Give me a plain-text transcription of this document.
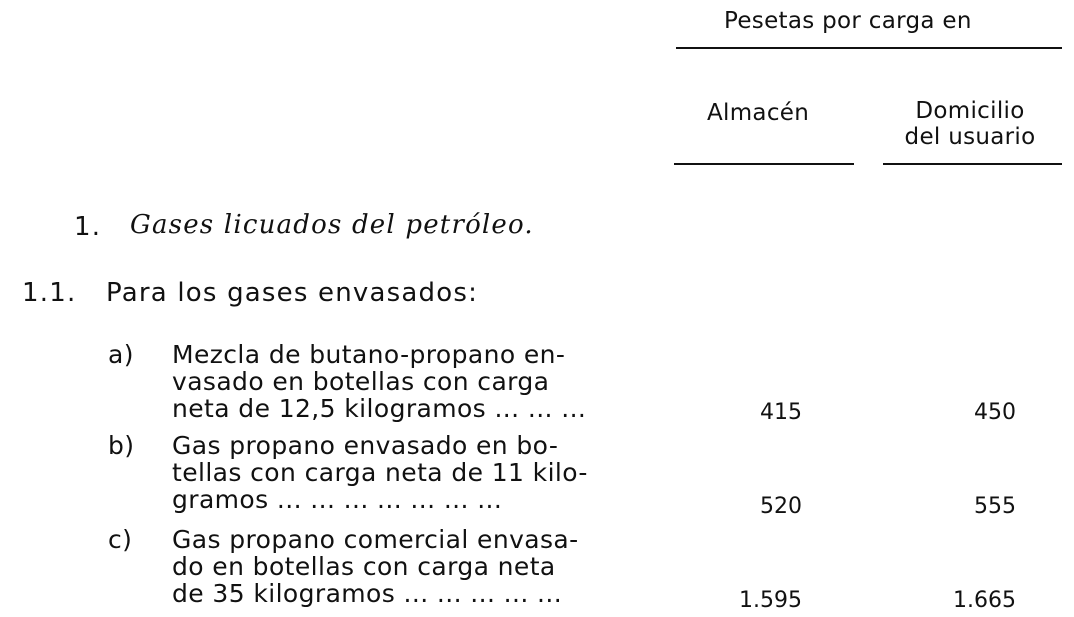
Pesetas por carga en
Almacén	Domicilio
del usuario
1. Gases licuados del petróleo.
1.1. Para los gases envasados:
a) Mezcla de butano-propano en-
vasado en botellas con carga
neta de 12,5 kilogramos ... ... ...	415	450
b) Gas propano envasado en bo-
tellas con carga neta de 11 kilo-
gramos ... ... ... ... ... ... ...	520	555
c) Gas propano comercial envasa-
do en botellas con carga neta
de 35 kilogramos ... ... ... ... ...	1.595	1.665
